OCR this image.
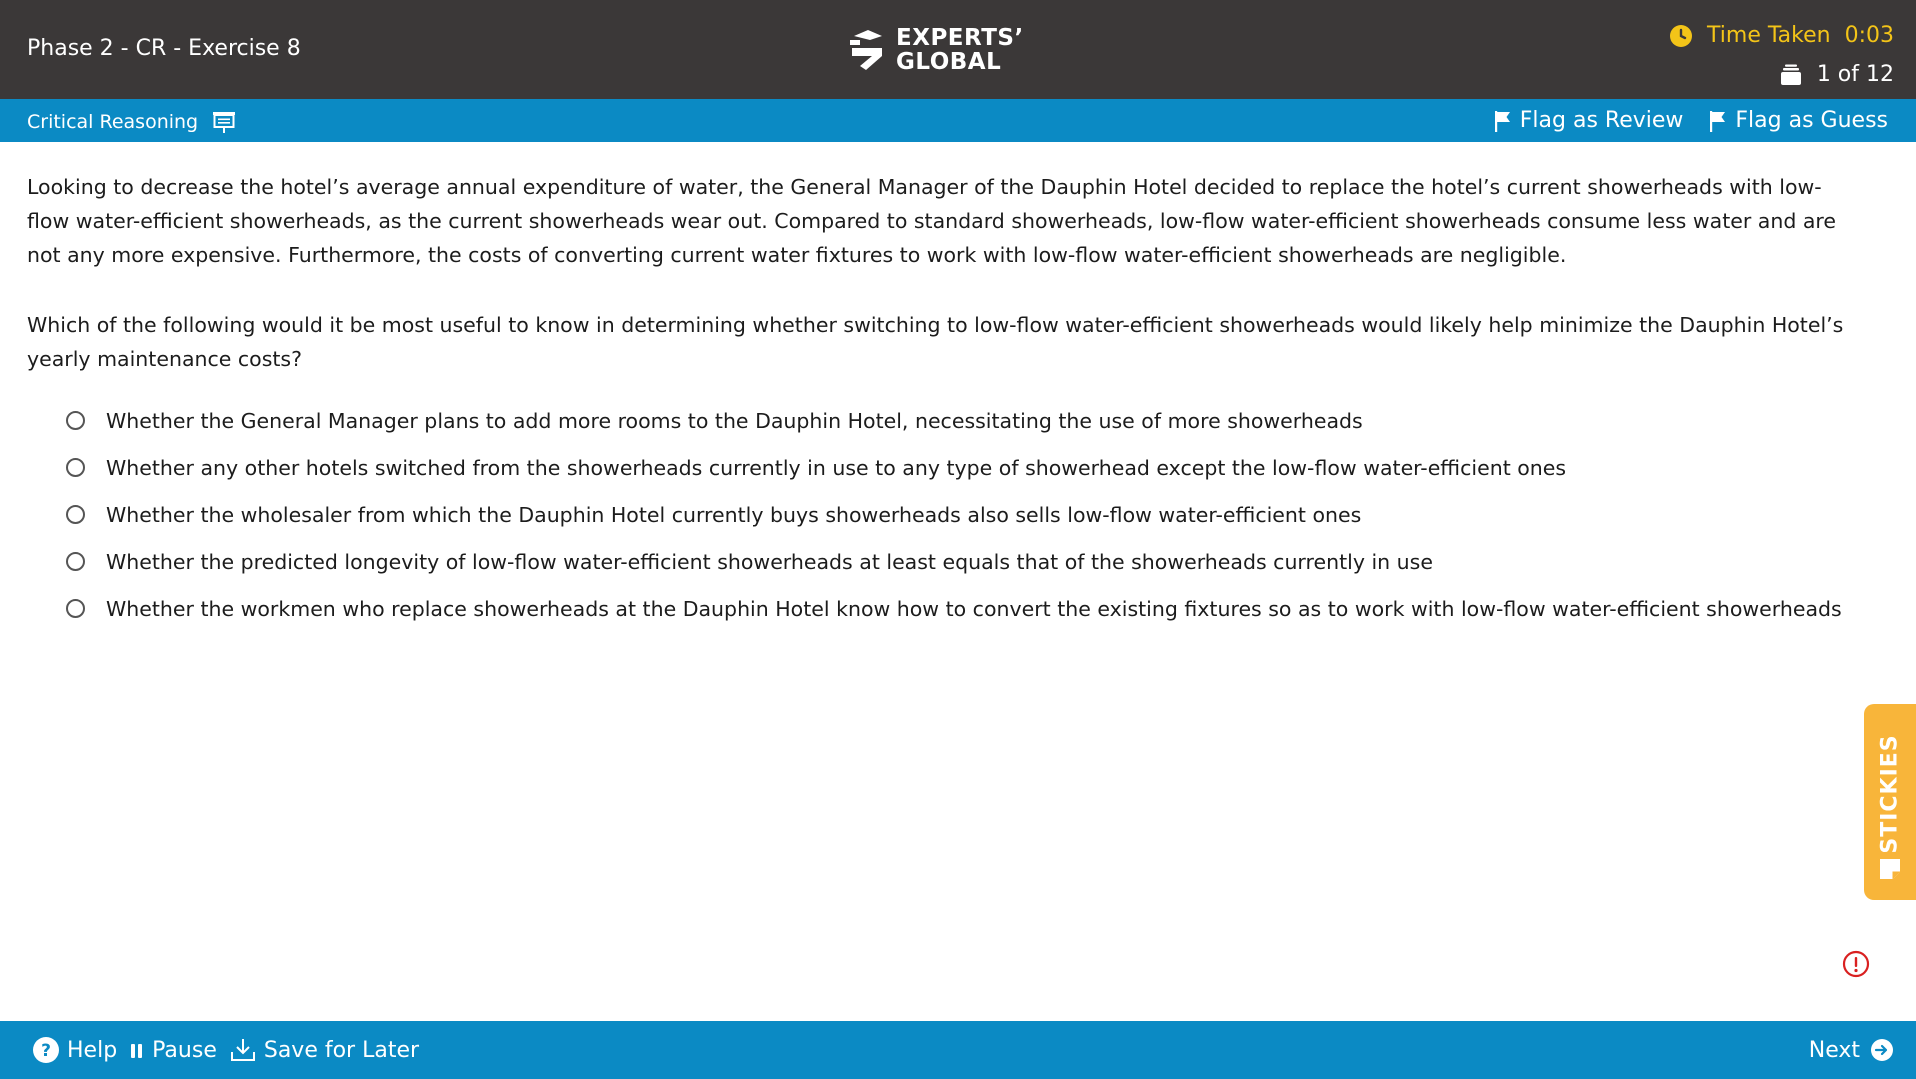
Phase 2 - CR - Exercise 8	EXPERTS’
GLOBAL
Time Taken 0:03
1 of 12
Critical Reasoning	Flag as Review Flag as Guess
Looking to decrease the hotel’s average annual expenditure of water, the General Manager of the Dauphin Hotel decided to replace the hotel’s current showerheads with low-flow water-efficient showerheads, as the current showerheads wear out. Compared to standard showerheads, low-flow water-efficient showerheads consume less water and are not any more expensive. Furthermore, the costs of converting current water fixtures to work with low-flow water-efficient showerheads are negligible.
Which of the following would it be most useful to know in determining whether switching to low-flow water-efficient showerheads would likely help minimize the Dauphin Hotel’s yearly maintenance costs?
Whether the General Manager plans to add more rooms to the Dauphin Hotel, necessitating the use of more showerheads
Whether any other hotels switched from the showerheads currently in use to any type of showerhead except the low-flow water-efficient ones
Whether the wholesaler from which the Dauphin Hotel currently buys showerheads also sells low-flow water-efficient ones
Whether the predicted longevity of low-flow water-efficient showerheads at least equals that of the showerheads currently in use
Whether the workmen who replace showerheads at the Dauphin Hotel know how to convert the existing fixtures so as to work with low-flow water-efficient showerheads
STICKIES
? Help Pause Save for Later	Next
